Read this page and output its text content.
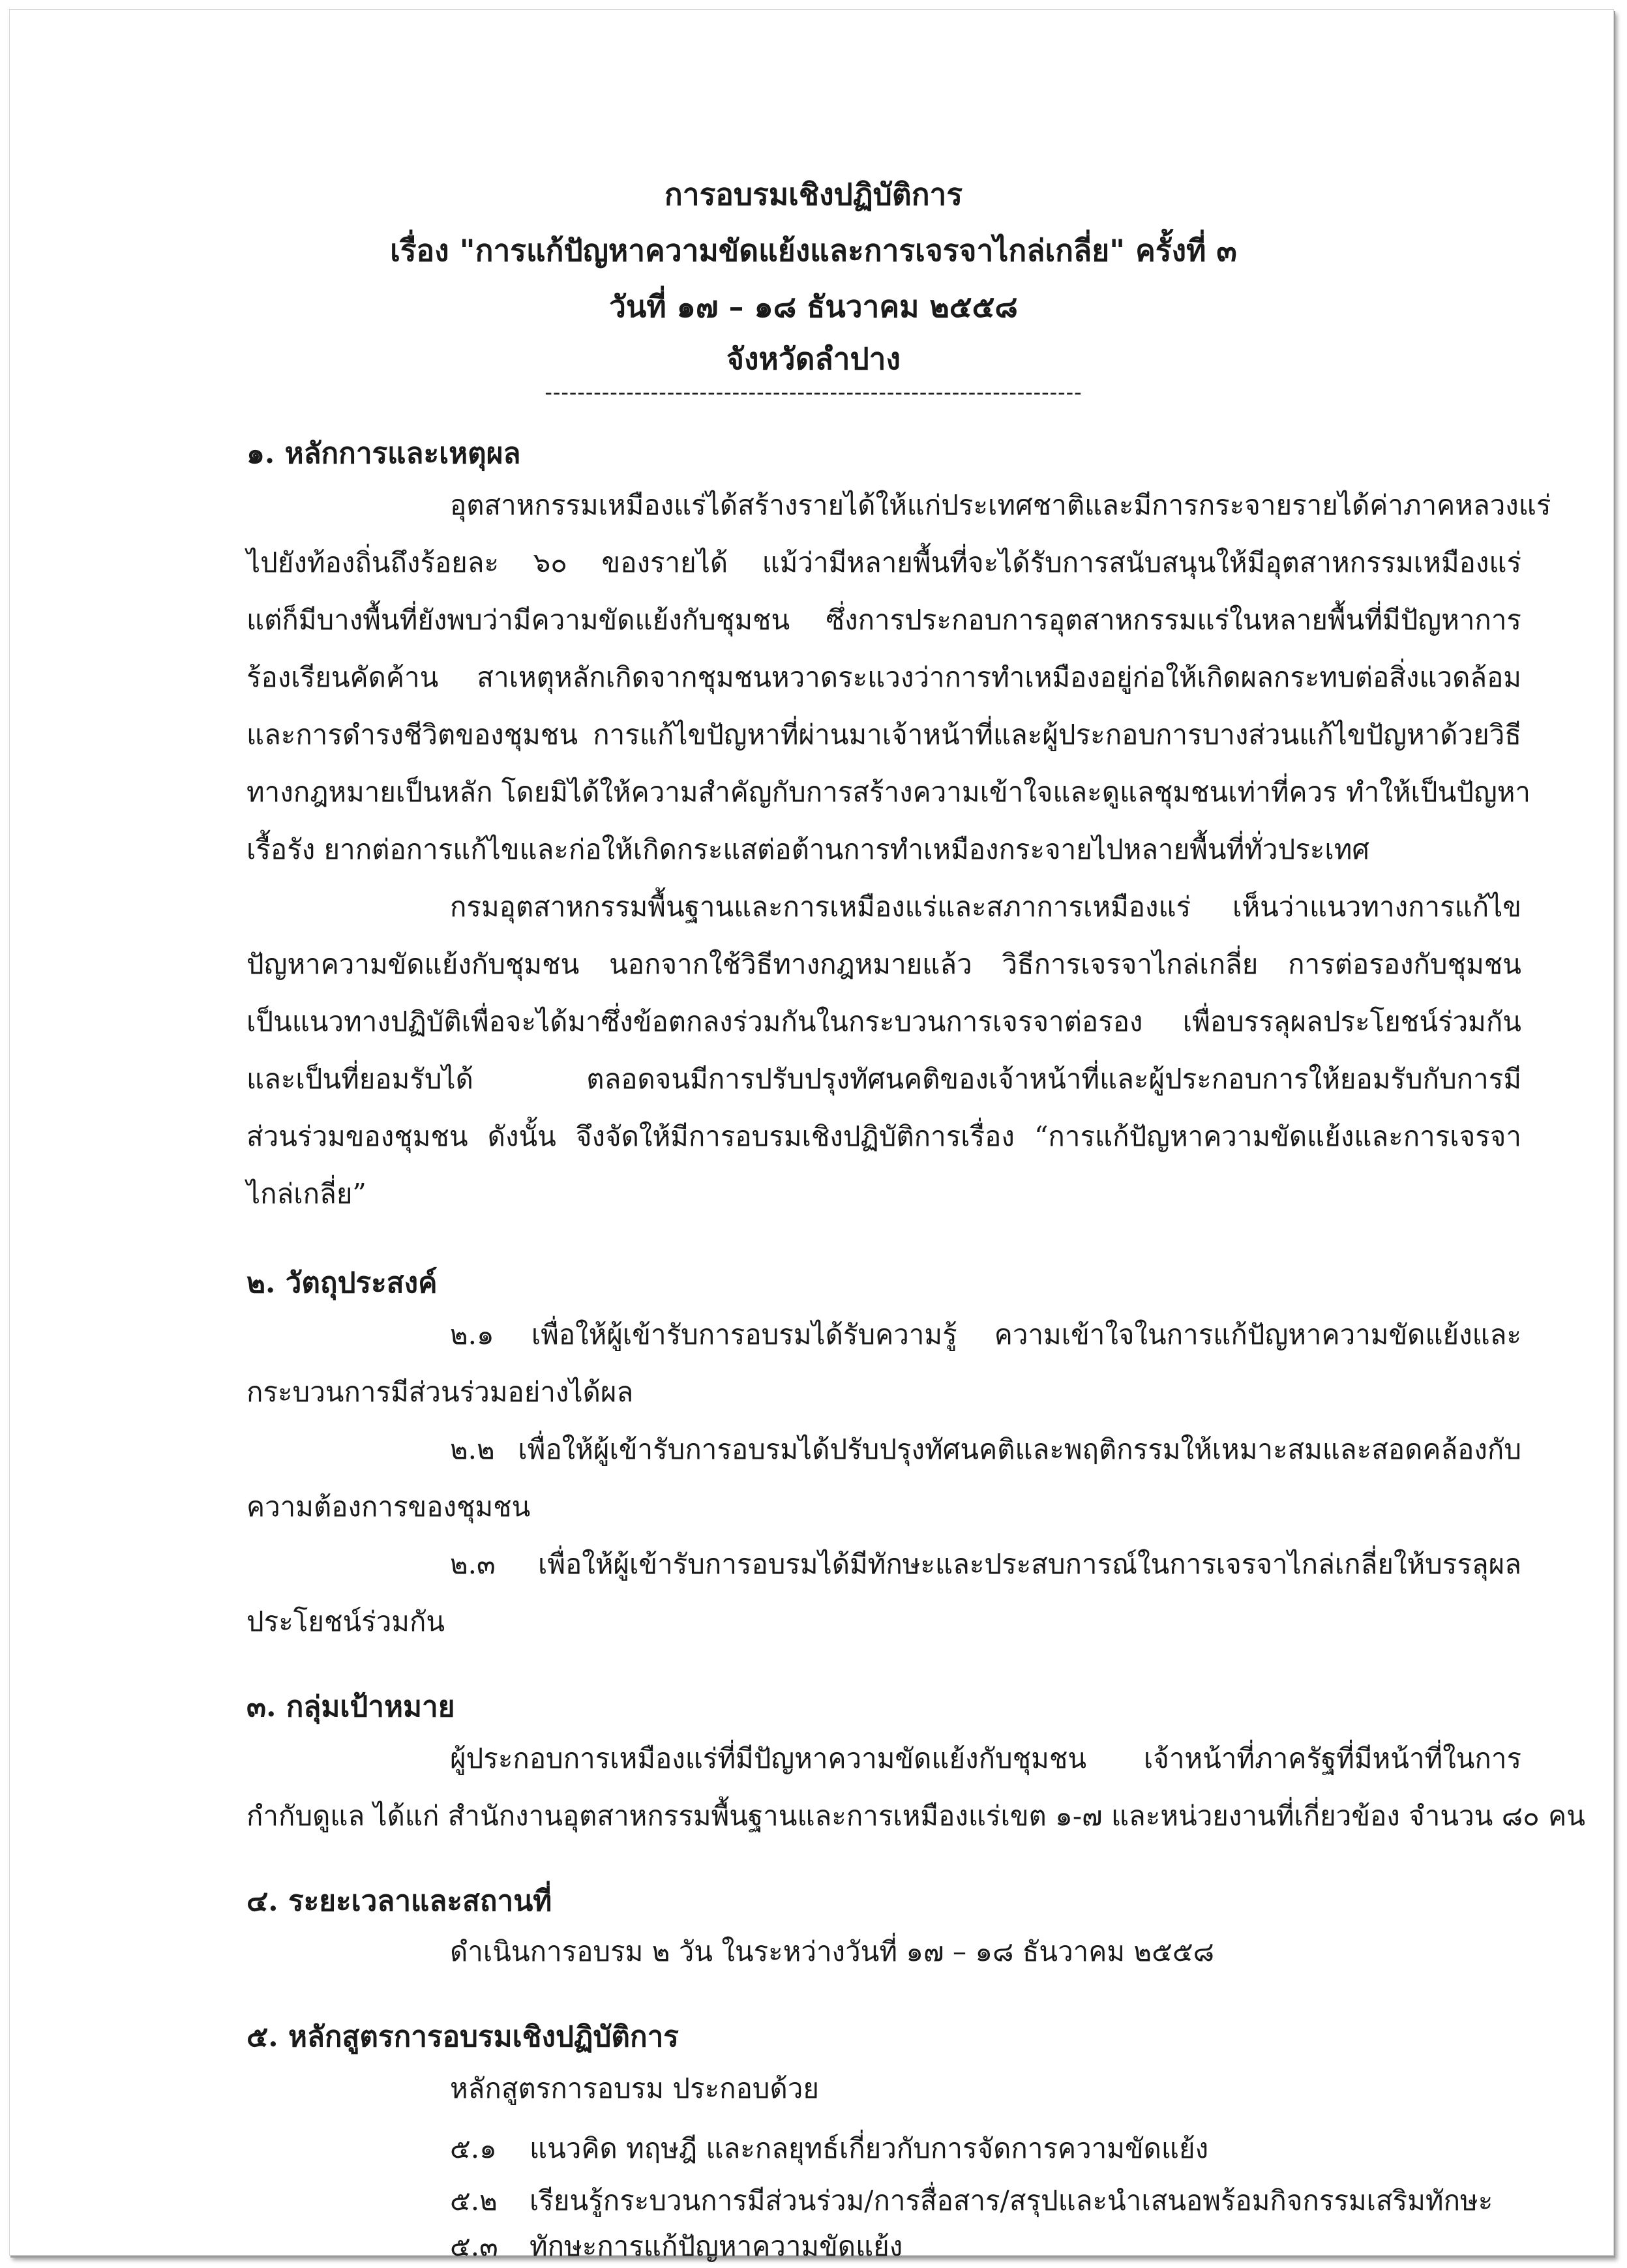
การอบรมเชิงปฏิบัติการ
เรื่อง "การแก้ปัญหาความขัดแย้งและการเจรจาไกล่เกลี่ย" ครั้งที่ ๓
วันที่ ๑๗ – ๑๘ ธันวาคม ๒๕๕๘
จังหวัดลำปาง
------------------------------------------------------------------
๑. หลักการและเหตุผล
อุตสาหกรรมเหมืองแร่ได้สร้างรายได้ให้แก่ประเทศชาติและมีการกระจายรายได้ค่าภาคหลวงแร่
ไปยังท้องถิ่นถึงร้อยละ ๖๐ ของรายได้ แม้ว่ามีหลายพื้นที่จะได้รับการสนับสนุนให้มีอุตสาหกรรมเหมืองแร่
แต่ก็มีบางพื้นที่ยังพบว่ามีความขัดแย้งกับชุมชน ซึ่งการประกอบการอุตสาหกรรมแร่ในหลายพื้นที่มีปัญหาการ
ร้องเรียนคัดค้าน สาเหตุหลักเกิดจากชุมชนหวาดระแวงว่าการทำเหมืองอยู่ก่อให้เกิดผลกระทบต่อสิ่งแวดล้อม
และการดำรงชีวิตของชุมชน การแก้ไขปัญหาที่ผ่านมาเจ้าหน้าที่และผู้ประกอบการบางส่วนแก้ไขปัญหาด้วยวิธี
ทางกฎหมายเป็นหลัก โดยมิได้ให้ความสำคัญกับการสร้างความเข้าใจและดูแลชุมชนเท่าที่ควร ทำให้เป็นปัญหา
เรื้อรัง ยากต่อการแก้ไขและก่อให้เกิดกระแสต่อต้านการทำเหมืองกระจายไปหลายพื้นที่ทั่วประเทศ
กรมอุตสาหกรรมพื้นฐานและการเหมืองแร่และสภาการเหมืองแร่ เห็นว่าแนวทางการแก้ไข
ปัญหาความขัดแย้งกับชุมชน นอกจากใช้วิธีทางกฎหมายแล้ว วิธีการเจรจาไกล่เกลี่ย การต่อรองกับชุมชน
เป็นแนวทางปฏิบัติเพื่อจะได้มาซึ่งข้อตกลงร่วมกันในกระบวนการเจรจาต่อรอง เพื่อบรรลุผลประโยชน์ร่วมกัน
และเป็นที่ยอมรับได้ ตลอดจนมีการปรับปรุงทัศนคติของเจ้าหน้าที่และผู้ประกอบการให้ยอมรับกับการมี
ส่วนร่วมของชุมชน ดังนั้น จึงจัดให้มีการอบรมเชิงปฏิบัติการเรื่อง “การแก้ปัญหาความขัดแย้งและการเจรจา
ไกล่เกลี่ย”
๒. วัตถุประสงค์
๒.๑ เพื่อให้ผู้เข้ารับการอบรมได้รับความรู้ ความเข้าใจในการแก้ปัญหาความขัดแย้งและ
กระบวนการมีส่วนร่วมอย่างได้ผล
๒.๒ เพื่อให้ผู้เข้ารับการอบรมได้ปรับปรุงทัศนคติและพฤติกรรมให้เหมาะสมและสอดคล้องกับ
ความต้องการของชุมชน
๒.๓ เพื่อให้ผู้เข้ารับการอบรมได้มีทักษะและประสบการณ์ในการเจรจาไกล่เกลี่ยให้บรรลุผล
ประโยชน์ร่วมกัน
๓. กลุ่มเป้าหมาย
ผู้ประกอบการเหมืองแร่ที่มีปัญหาความขัดแย้งกับชุมชน เจ้าหน้าที่ภาครัฐที่มีหน้าที่ในการ
กำกับดูแล ได้แก่ สำนักงานอุตสาหกรรมพื้นฐานและการเหมืองแร่เขต ๑-๗ และหน่วยงานที่เกี่ยวข้อง จำนวน ๘๐ คน
๔. ระยะเวลาและสถานที่
ดำเนินการอบรม ๒ วัน ในระหว่างวันที่ ๑๗ – ๑๘ ธันวาคม ๒๕๕๘
๕. หลักสูตรการอบรมเชิงปฏิบัติการ
หลักสูตรการอบรม ประกอบด้วย
๕.๑ แนวคิด ทฤษฎี และกลยุทธ์เกี่ยวกับการจัดการความขัดแย้ง
๕.๒ เรียนรู้กระบวนการมีส่วนร่วม/การสื่อสาร/สรุปและนำเสนอพร้อมกิจกรรมเสริมทักษะ
๕.๓ ทักษะการแก้ปัญหาความขัดแย้ง
